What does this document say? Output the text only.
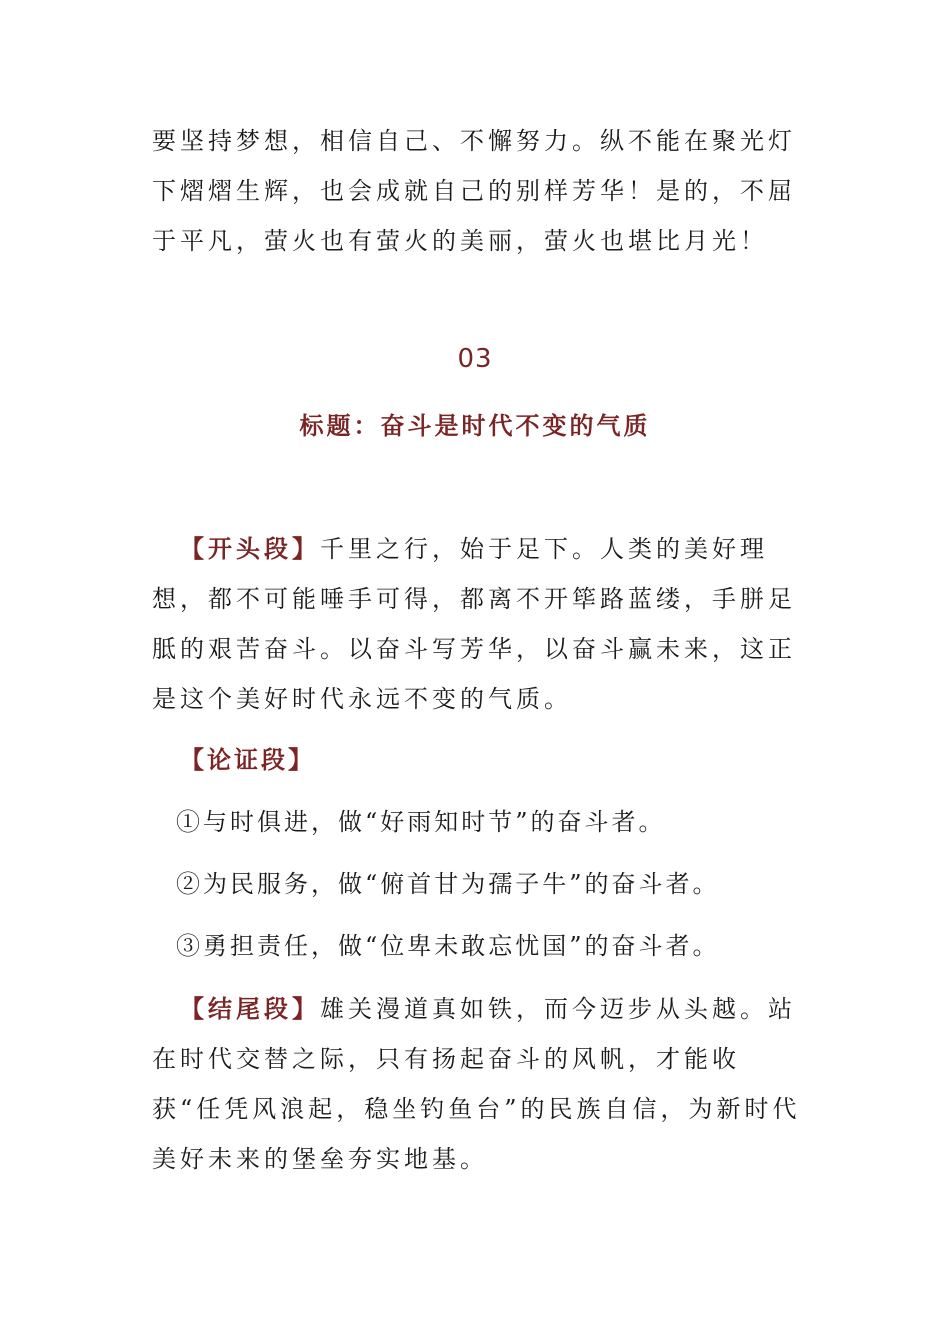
要坚持梦想，相信自己、不懈努力。纵不能在聚光灯下熠熠生辉，也会成就自己的别样芳华！是的，不屈于平凡，萤火也有萤火的美丽，萤火也堪比月光！

03
标题：奋斗是时代不变的气质

【开头段】千里之行，始于足下。人类的美好理想，都不可能唾手可得，都离不开筚路蓝缕，手胼足胝的艰苦奋斗。以奋斗写芳华，以奋斗赢未来，这正是这个美好时代永远不变的气质。

【论证段】

①与时俱进，做“好雨知时节”的奋斗者。

②为民服务，做“俯首甘为孺子牛”的奋斗者。

③勇担责任，做“位卑未敢忘忧国”的奋斗者。

【结尾段】雄关漫道真如铁，而今迈步从头越。站在时代交替之际，只有扬起奋斗的风帆，才能收获“任凭风浪起，稳坐钓鱼台”的民族自信，为新时代美好未来的堡垒夯实地基。
